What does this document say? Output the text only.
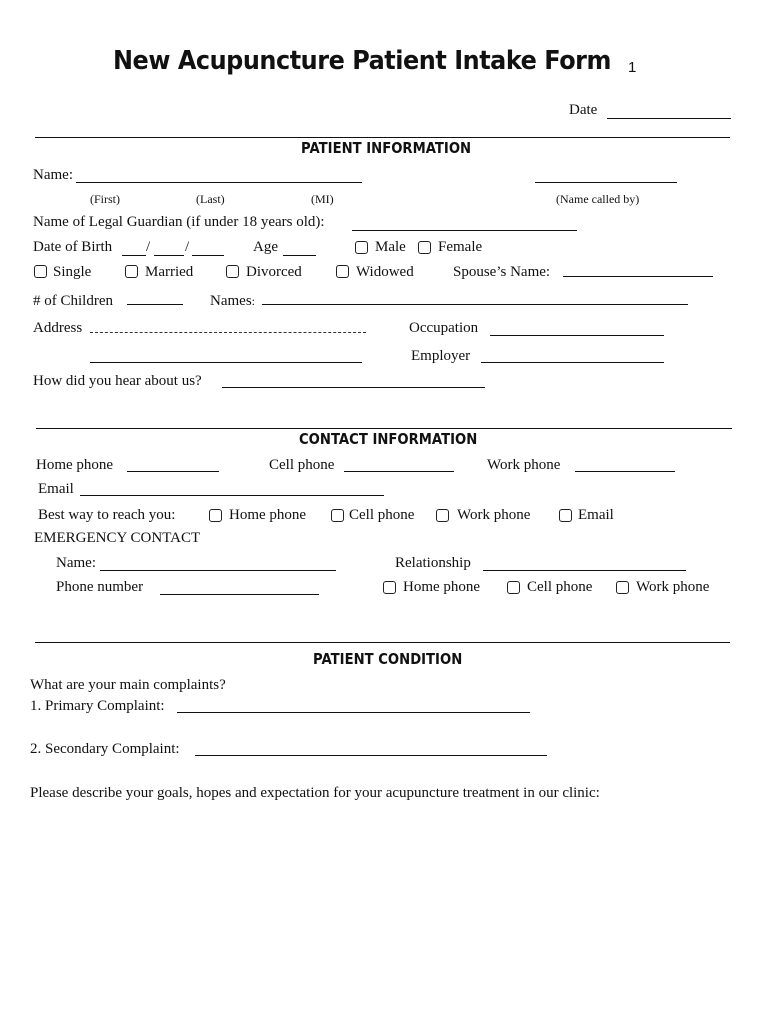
New Acupuncture Patient Intake Form 1
Date
PATIENT INFORMATION
Name:
(First)	(Last)	(MI)	(Name called by)
Name of Legal Guardian (if under 18 years old):
Date of Birth / /	Age	Male Female
Single	Married	Divorced	Widowed	Spouse’s Name:
# of Children	Names:
Address	Occupation
Employer
How did you hear about us?
CONTACT INFORMATION
Home phone	Cell phone	Work phone
Email
Best way to reach you:	Home phone	Cell phone	Work phone	Email
EMERGENCY CONTACT
Name:	Relationship
Phone number	Home phone	Cell phone	Work phone
PATIENT CONDITION
What are your main complaints?
1. Primary Complaint:
2. Secondary Complaint:
Please describe your goals, hopes and expectation for your acupuncture treatment in our clinic:
